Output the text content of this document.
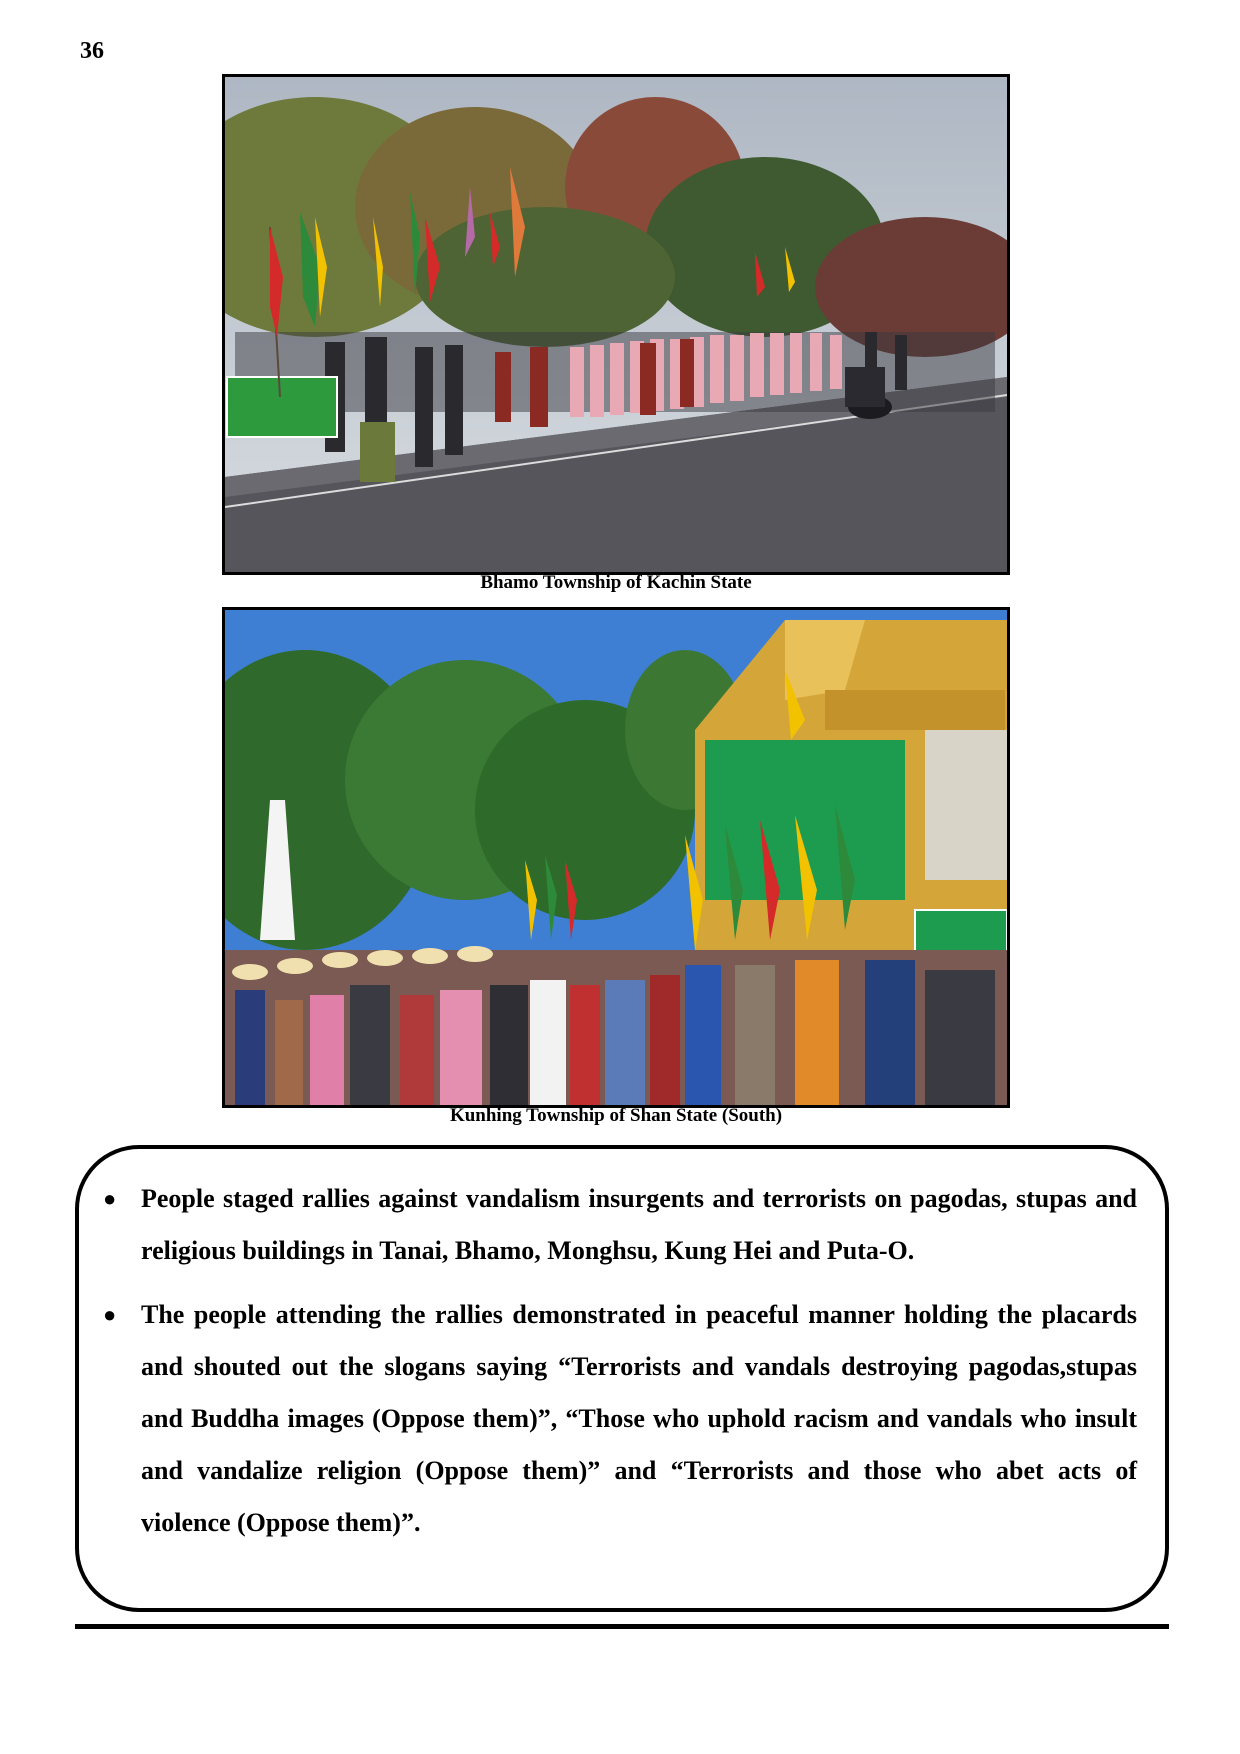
36
Bhamo Township of Kachin State
Kunhing Township of Shan State (South)
● People staged rallies against vandalism insurgents and terrorists on pagodas, stupas and religious buildings in Tanai, Bhamo, Monghsu, Kung Hei and Puta-O.
● The people attending the rallies demonstrated in peaceful manner holding the placards and shouted out the slogans saying “Terrorists and vandals destroying pagodas,stupas and Buddha images (Oppose them)”, “Those who uphold racism and vandals who insult and vandalize religion (Oppose them)” and “Terrorists and those who abet acts of violence (Oppose them)”.
